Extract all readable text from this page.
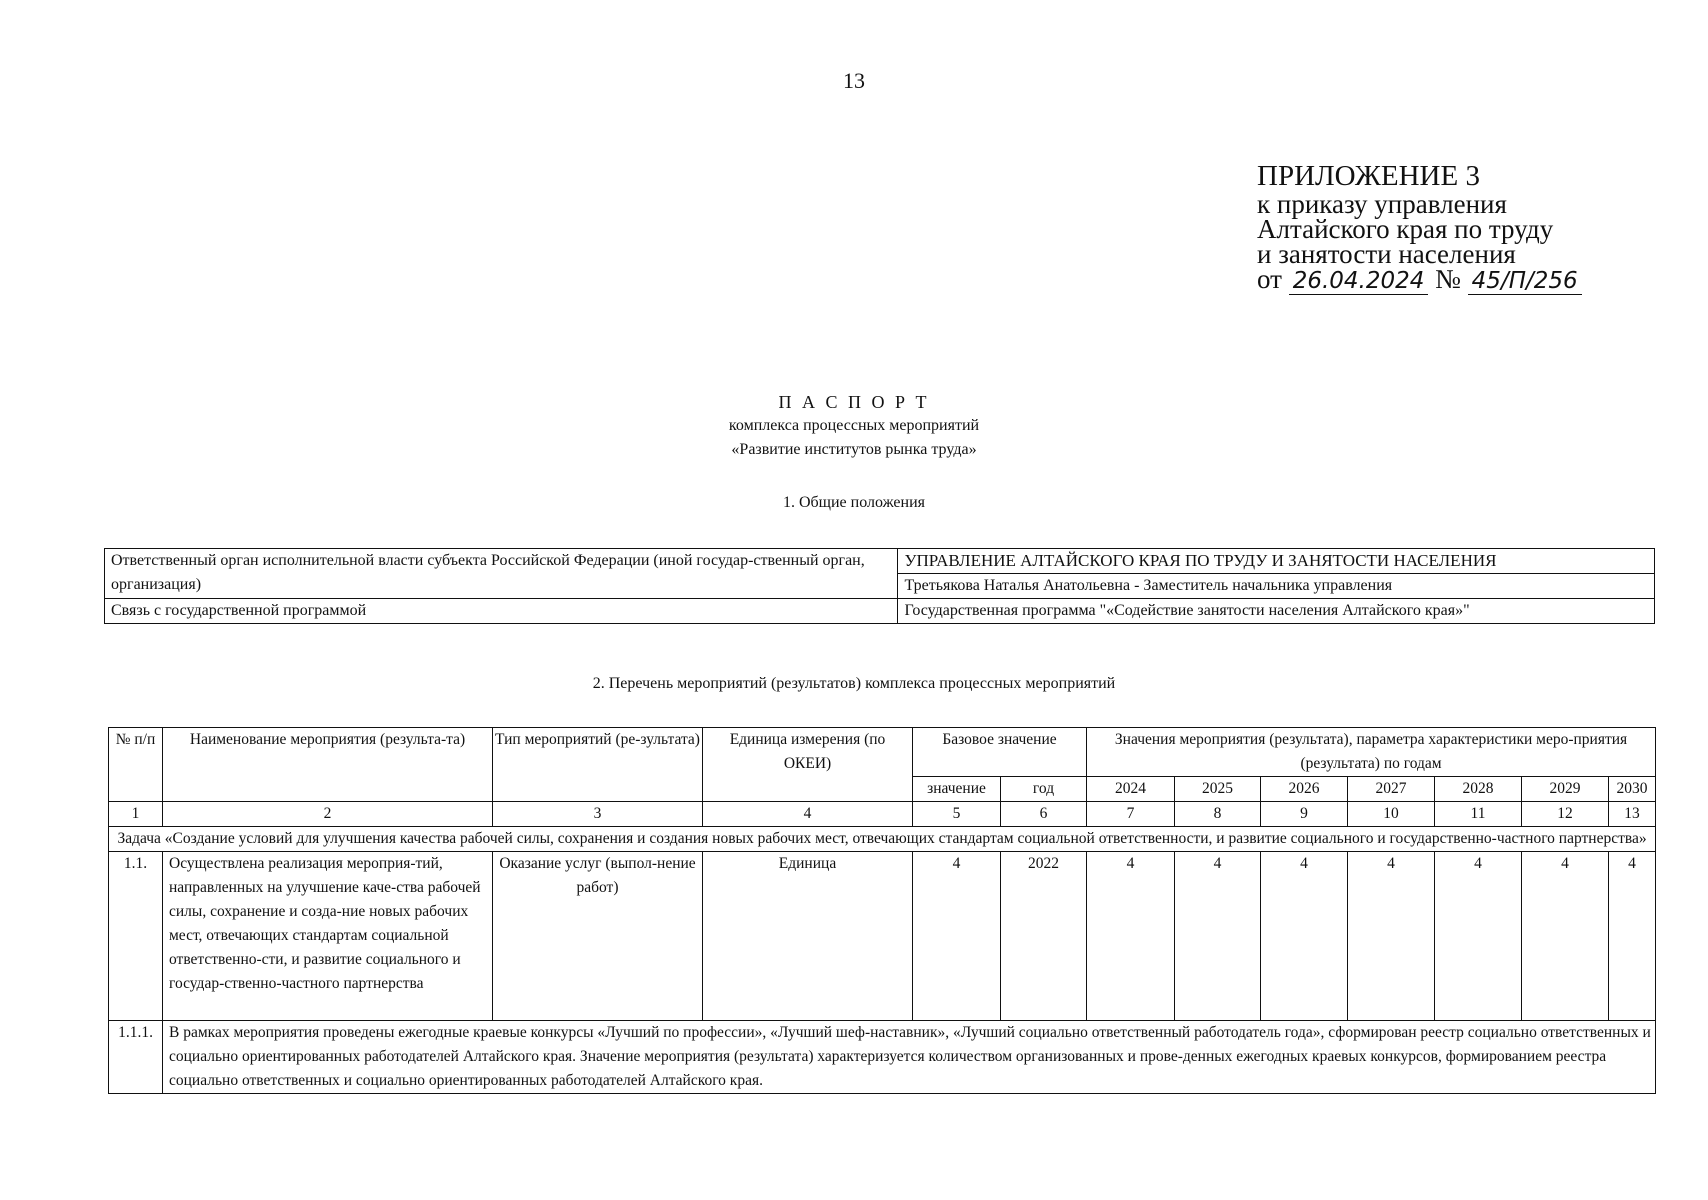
13
ПРИЛОЖЕНИЕ 3
к приказу управления
Алтайского края по труду
и занятости населения
от 26.04.2024 № 45/П/256
П А С П О Р Т
комплекса процессных мероприятий
«Развитие институтов рынка труда»
1. Общие положения
Ответственный орган исполнительной власти субъекта Российской Федерации (иной государ-ственный орган, организация)	УПРАВЛЕНИЕ АЛТАЙСКОГО КРАЯ ПО ТРУДУ И ЗАНЯТОСТИ НАСЕЛЕНИЯ
	Третьякова Наталья Анатольевна - Заместитель начальника управления
Связь с государственной программой	Государственная программа "«Содействие занятости населения Алтайского края»"
2. Перечень мероприятий (результатов) комплекса процессных мероприятий
№ п/п	Наименование мероприятия (результа-та)	Тип мероприятий (ре-зультата)	Единица измерения (по ОКЕИ)	Базовое значение		Значения мероприятия (результата), параметра характеристики меро-приятия (результата) по годам						
				значение	год	2024	2025	2026	2027	2028	2029	2030
1	2	3	4	5	6	7	8	9	10	11	12	13
Задача «Создание условий для улучшения качества рабочей силы, сохранения и создания новых рабочих мест, отвечающих стандартам социальной ответственности, и развитие социального и государственно-частного партнерства»												
1.1.	Осуществлена реализация мероприя-тий, направленных на улучшение каче-ства рабочей силы, сохранение и созда-ние новых рабочих мест, отвечающих стандартам социальной ответственно-сти, и развитие социального и государ-ственно-частного партнерства	Оказание услуг (выпол-нение работ)	Единица	4	2022	4	4	4	4	4	4	4
1.1.1.	В рамках мероприятия проведены ежегодные краевые конкурсы «Лучший по профессии», «Лучший шеф-наставник», «Лучший социально ответственный работодатель года», сформирован реестр социально ответственных и социально ориентированных работодателей Алтайского края. Значение мероприятия (результата) характеризуется количеством организованных и прове-денных ежегодных краевых конкурсов, формированием реестра социально ответственных и социально ориентированных работодателей Алтайского края.											
